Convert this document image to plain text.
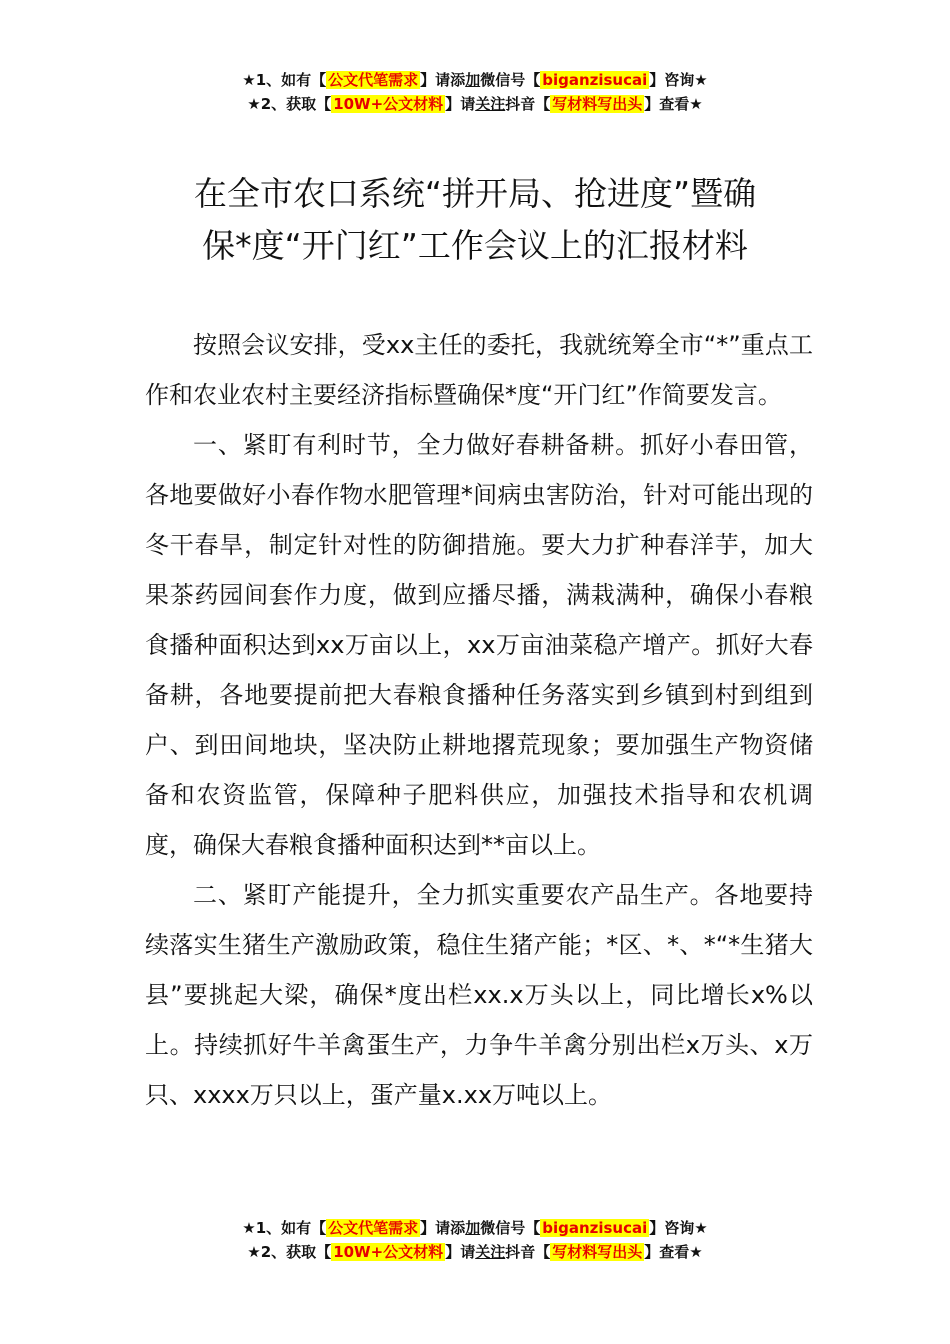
★1、如有【 公文代笔需求 】请添加微信号【 biganzisucai 】咨询★
★2、获取【 10W+公文材料 】请关注抖音【 写材料写出头 】查看★
在全市农口系统“拼开局、抢进度”暨确
保*度“开门红”工作会议上的汇报材料

按照会议安排，受xx主任的委托，我就统筹全市“*”重点工作和农业农村主要经济指标暨确保*度“开门红”作简要发言。

一、紧盯有利时节，全力做好春耕备耕。抓好小春田管，各地要做好小春作物水肥管理*间病虫害防治，针对可能出现的冬干春旱，制定针对性的防御措施。要大力扩种春洋芋，加大果茶药园间套作力度，做到应播尽播，满栽满种，确保小春粮食播种面积达到xx万亩以上，xx万亩油菜稳产增产。抓好大春备耕，各地要提前把大春粮食播种任务落实到乡镇到村到组到户、到田间地块，坚决防止耕地撂荒现象；要加强生产物资储备和农资监管，保障种子肥料供应，加强技术指导和农机调度，确保大春粮食播种面积达到**亩以上。

二、紧盯产能提升，全力抓实重要农产品生产。各地要持续落实生猪生产激励政策，稳住生猪产能；*区、*、*“*生猪大县”要挑起大梁，确保*度出栏xx.x万头以上，同比增长x%以上。持续抓好牛羊禽蛋生产，力争牛羊禽分别出栏x万头、x万只、xxxx万只以上，蛋产量x.xx万吨以上。

★1、如有【 公文代笔需求 】请添加微信号【 biganzisucai 】咨询★
★2、获取【 10W+公文材料 】请关注抖音【 写材料写出头 】查看★
